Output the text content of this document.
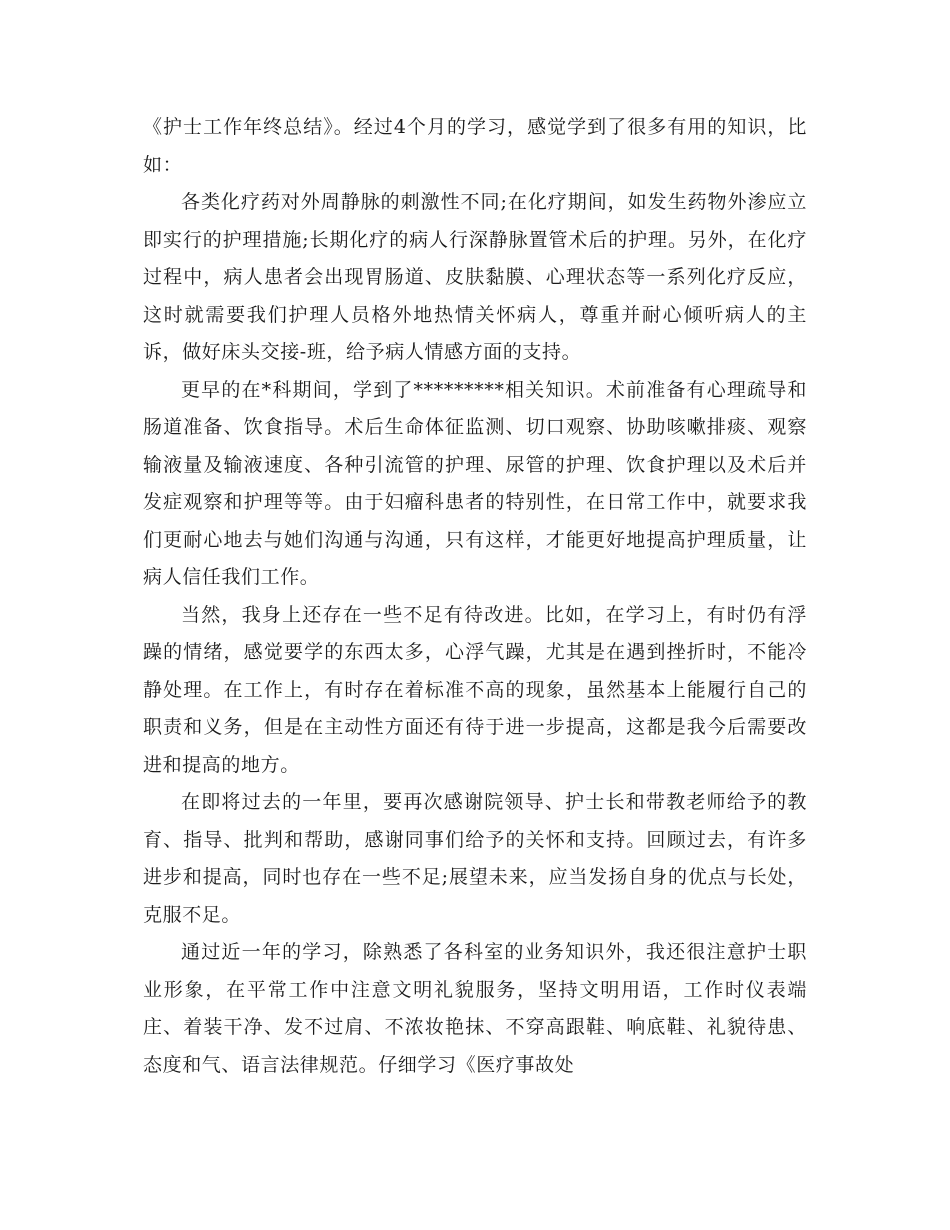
《护士工作年终总结》。经过4个月的学习，感觉学到了很多有用的知识，比如：

各类化疗药对外周静脉的刺激性不同;在化疗期间，如发生药物外渗应立即实行的护理措施;长期化疗的病人行深静脉置管术后的护理。另外，在化疗过程中，病人患者会出现胃肠道、皮肤黏膜、心理状态等一系列化疗反应，这时就需要我们护理人员格外地热情关怀病人，尊重并耐心倾听病人的主诉，做好床头交接-班，给予病人情感方面的支持。

更早的在*科期间，学到了*********相关知识。术前准备有心理疏导和肠道准备、饮食指导。术后生命体征监测、切口观察、协助咳嗽排痰、观察输液量及输液速度、各种引流管的护理、尿管的护理、饮食护理以及术后并发症观察和护理等等。由于妇瘤科患者的特别性，在日常工作中，就要求我们更耐心地去与她们沟通与沟通，只有这样，才能更好地提高护理质量，让病人信任我们工作。

当然，我身上还存在一些不足有待改进。比如，在学习上，有时仍有浮躁的情绪，感觉要学的东西太多，心浮气躁，尤其是在遇到挫折时，不能冷静处理。在工作上，有时存在着标准不高的现象，虽然基本上能履行自己的职责和义务，但是在主动性方面还有待于进一步提高，这都是我今后需要改进和提高的地方。

在即将过去的一年里，要再次感谢院领导、护士长和带教老师给予的教育、指导、批判和帮助，感谢同事们给予的关怀和支持。回顾过去，有许多进步和提高，同时也存在一些不足;展望未来，应当发扬自身的优点与长处，克服不足。

通过近一年的学习，除熟悉了各科室的业务知识外，我还很注意护士职业形象，在平常工作中注意文明礼貌服务，坚持文明用语，工作时仪表端庄、着装干净、发不过肩、不浓妆艳抹、不穿高跟鞋、响底鞋、礼貌待患、态度和气、语言法律规范。仔细学习《医疗事故处
